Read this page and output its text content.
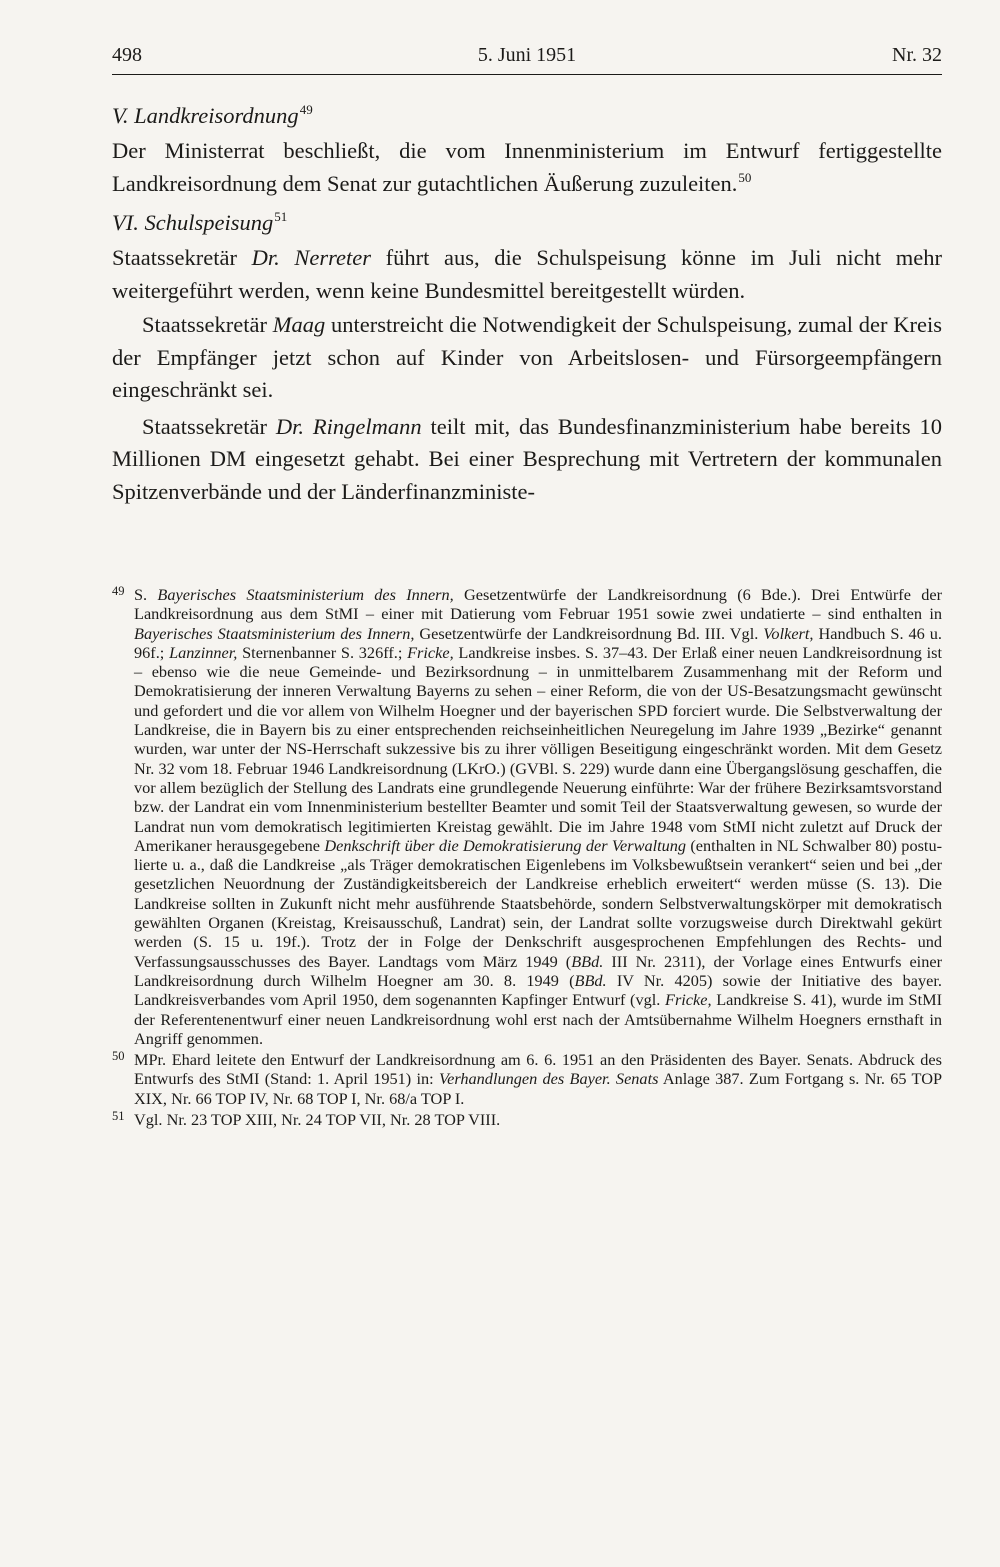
498	5. Juni 1951	Nr. 32
V. Landkreisordnung$^{49}$

Der Ministerrat beschließt, die vom Innenministerium im Entwurf fertiggestellte Landkreisordnung dem Senat zur gutachtlichen Äußerung zuzuleiten.$^{50}$

VI. Schulspeisung$^{51}$

Staatssekretär Dr. Nerreter führt aus, die Schulspeisung könne im Juli nicht mehr weitergeführt werden, wenn keine Bundesmittel bereitgestellt würden.

Staatssekretär Maag unterstreicht die Notwendigkeit der Schulspeisung, zumal der Kreis der Empfänger jetzt schon auf Kinder von Arbeitslosen- und Fürsorgeempfängern eingeschränkt sei.

Staatssekretär Dr. Ringelmann teilt mit, das Bundesfinanzministerium habe bereits 10 Millionen DM eingesetzt gehabt. Bei einer Besprechung mit Vertretern der kommunalen Spitzenverbände und der Länderfinanzministe-

49 S. Bayerisches Staatsministerium des Innern, Gesetzentwürfe der Landkreisordnung (6 Bde.). Drei Entwürfe der Landkreisordnung aus dem StMI – einer mit Datierung vom Februar 1951 sowie zwei undatierte – sind enthalten in Bayerisches Staatsministerium des Innern, Gesetzentwürfe der Landkreisordnung Bd. III. Vgl. Volkert, Handbuch S. 46 u. 96f.; Lanzinner, Sternenbanner S. 326ff.; Fricke, Landkreise insbes. S. 37–43. Der Erlaß einer neuen Landkreisordnung ist – ebenso wie die neue Gemeinde- und Bezirksordnung – in unmittelbarem Zusammenhang mit der Reform und Demokratisierung der inneren Verwaltung Bayerns zu sehen – einer Reform, die von der US-Besatzungsmacht gewünscht und gefordert und die vor allem von Wilhelm Hoegner und der bayerischen SPD forciert wurde. Die Selbstverwaltung der Landkreise, die in Bayern bis zu einer entsprechenden reichseinheitlichen Neuregelung im Jahre 1939 „Bezirke“ genannt wurden, war unter der NS-Herrschaft sukzessive bis zu ihrer völligen Beseitigung eingeschränkt worden. Mit dem Gesetz Nr. 32 vom 18. Februar 1946 Landkreisordnung (LKrO.) (GVBl. S. 229) wurde dann eine Übergangslösung geschaffen, die vor allem bezüglich der Stellung des Landrats eine grundlegende Neuerung einführte: War der frühere Bezirksamtsvorstand bzw. der Landrat ein vom Innenministerium bestellter Beamter und somit Teil der Staatsverwaltung gewesen, so wurde der Landrat nun vom demokratisch legitimierten Kreistag gewählt. Die im Jahre 1948 vom StMI nicht zuletzt auf Druck der Amerikaner herausgegebene Denkschrift über die Demokratisierung der Verwaltung (enthalten in NL Schwalber 80) postulierte u. a., daß die Landkreise „als Träger demokratischen Eigenlebens im Volksbewußtsein verankert“ seien und bei „der gesetzlichen Neuordnung der Zuständigkeitsbereich der Landkreise erheblich erweitert“ werden müsse (S. 13). Die Landkreise sollten in Zukunft nicht mehr ausführende Staatsbehörde, sondern Selbstverwaltungskörper mit demokratisch gewählten Organen (Kreistag, Kreisausschuß, Landrat) sein, der Landrat sollte vorzugsweise durch Direktwahl gekürt werden (S. 15 u. 19f.). Trotz der in Folge der Denkschrift ausgesprochenen Empfehlungen des Rechts- und Verfassungsausschusses des Bayer. Landtags vom März 1949 (BBd. III Nr. 2311), der Vorlage eines Entwurfs einer Landkreisordnung durch Wilhelm Hoegner am 30. 8. 1949 (BBd. IV Nr. 4205) sowie der Initiative des bayer. Landkreisverbandes vom April 1950, dem sogenannten Kapfinger Entwurf (vgl. Fricke, Landkreise S. 41), wurde im StMI der Referentenentwurf einer neuen Landkreisordnung wohl erst nach der Amtsübernahme Wilhelm Hoegners ernsthaft in Angriff genommen.
50 MPr. Ehard leitete den Entwurf der Landkreisordnung am 6. 6. 1951 an den Präsidenten des Bayer. Senats. Abdruck des Entwurfs des StMI (Stand: 1. April 1951) in: Verhandlungen des Bayer. Senats Anlage 387. Zum Fortgang s. Nr. 65 TOP XIX, Nr. 66 TOP IV, Nr. 68 TOP I, Nr. 68/a TOP I.
51 Vgl. Nr. 23 TOP XIII, Nr. 24 TOP VII, Nr. 28 TOP VIII.
